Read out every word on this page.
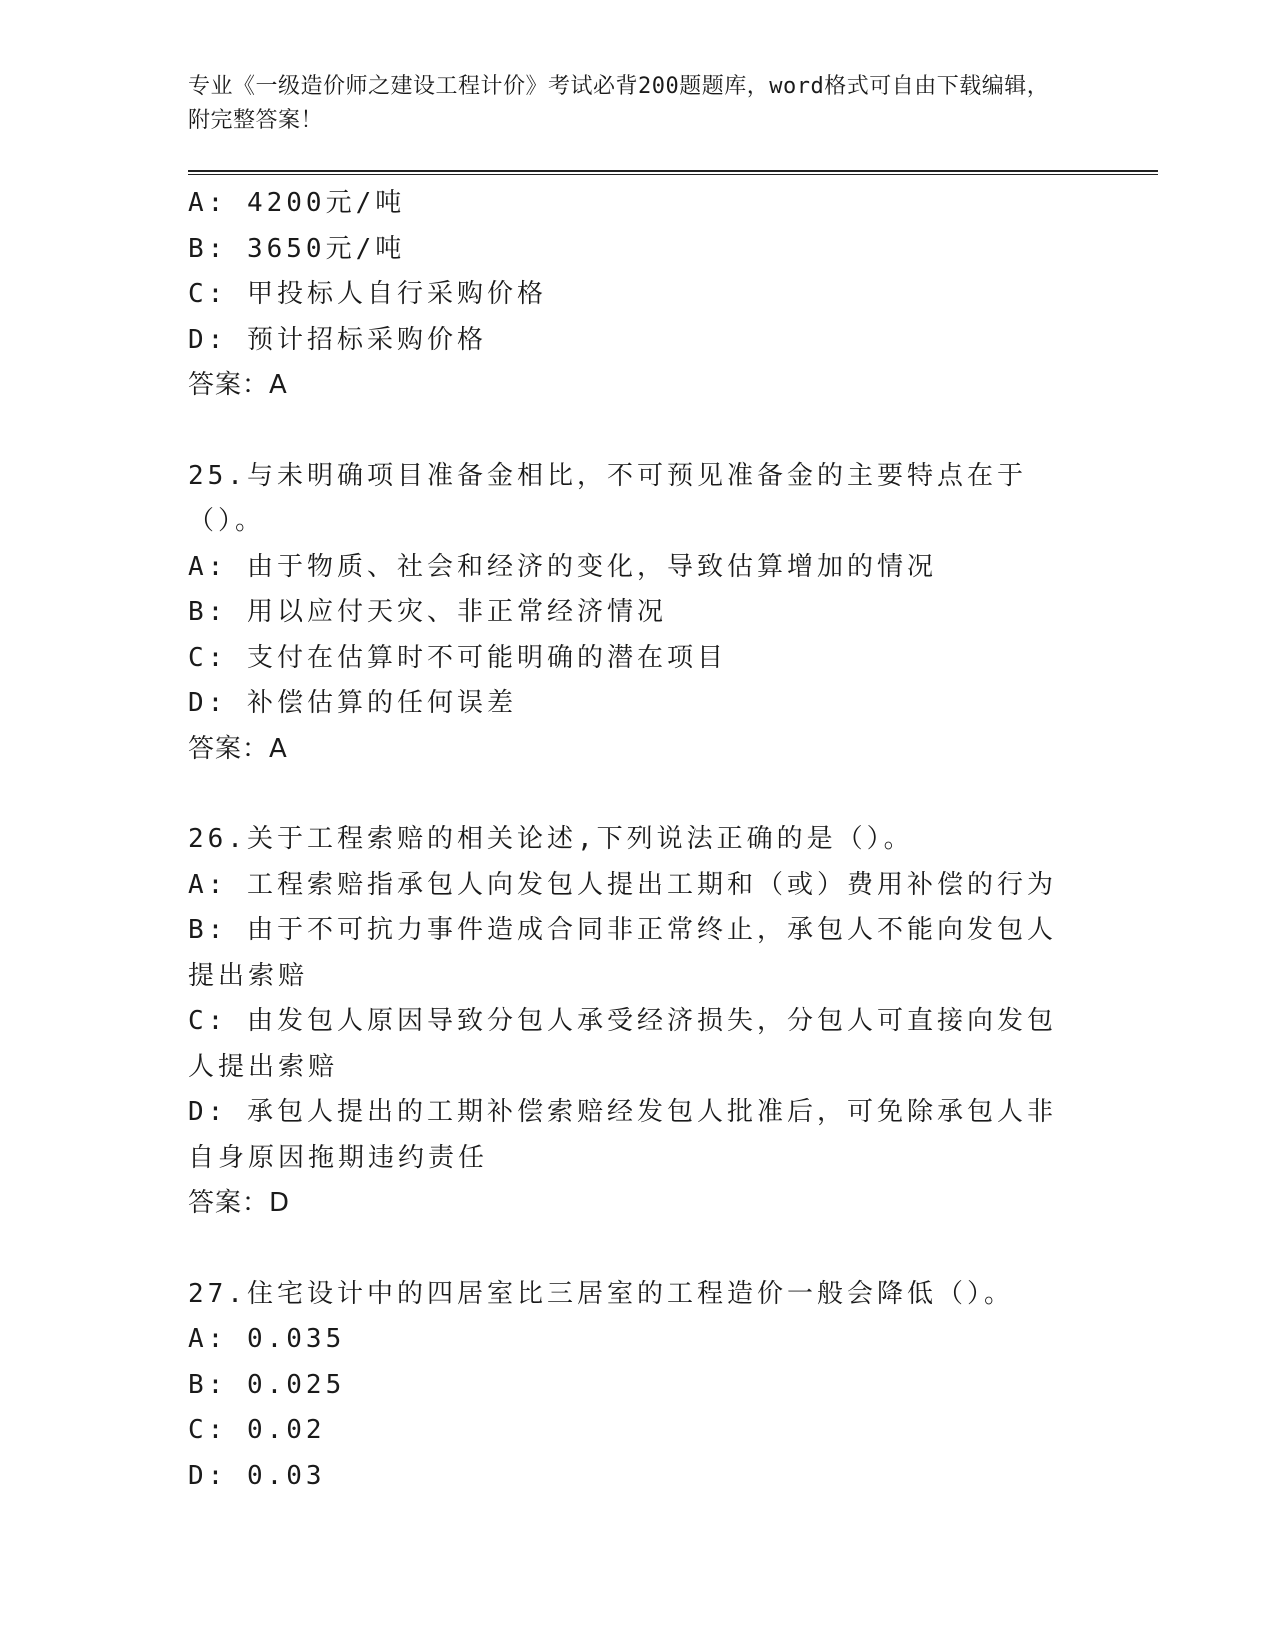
专业《一级造价师之建设工程计价》考试必背200题题库，word格式可自由下载编辑，附完整答案！

A: 4200元/吨

B: 3650元/吨

C: 甲投标人自行采购价格

D: 预计招标采购价格

答案：A

25.与未明确项目准备金相比，不可预见准备金的主要特点在于（）。

A: 由于物质、社会和经济的变化，导致估算增加的情况

B: 用以应付天灾、非正常经济情况

C: 支付在估算时不可能明确的潜在项目

D: 补偿估算的任何误差

答案：A

26.关于工程索赔的相关论述,下列说法正确的是（）。

A: 工程索赔指承包人向发包人提出工期和（或）费用补偿的行为

B: 由于不可抗力事件造成合同非正常终止，承包人不能向发包人提出索赔

C: 由发包人原因导致分包人承受经济损失，分包人可直接向发包人提出索赔

D: 承包人提出的工期补偿索赔经发包人批准后，可免除承包人非自身原因拖期违约责任

答案：D

27.住宅设计中的四居室比三居室的工程造价一般会降低（）。

A: 0.035

B: 0.025

C: 0.02

D: 0.03
